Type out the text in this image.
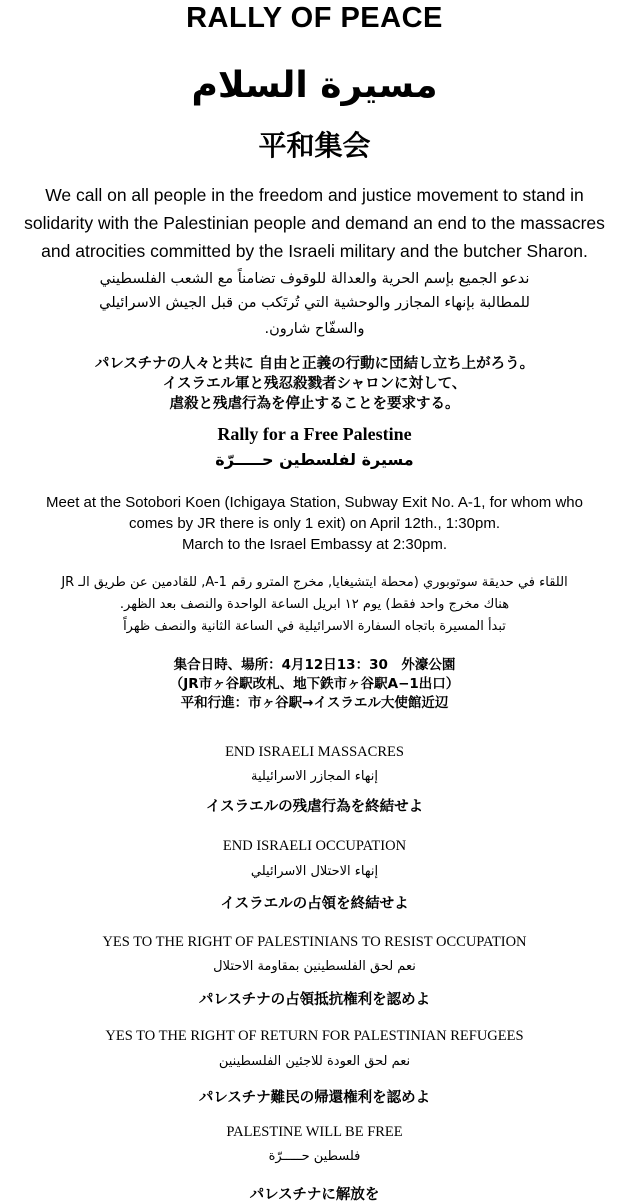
RALLY OF PEACE
مسيرة السلام
平和集会
We call on all people in the freedom and justice movement to stand in
solidarity with the Palestinian people and demand an end to the massacres
and atrocities committed by the Israeli military and the butcher Sharon.
ندعو الجميع بإسم الحرية والعدالة للوقوف تضامناً مع الشعب الفلسطيني
للمطالبة بإنهاء المجازر والوحشية التي تُرتَكب من قبل الجيش الاسرائيلي
والسفّاح شارون.
パレスチナの人々と共に 自由と正義の行動に団結し立ち上がろう。
イスラエル軍と残忍殺戮者シャロンに対して、
虐殺と残虐行為を停止することを要求する。
Rally for a Free Palestine
مسيرة لفلسطين حـــــرّة
Meet at the Sotobori Koen (Ichigaya Station, Subway Exit No. A-1, for whom who
comes by JR there is only 1 exit) on April 12th., 1:30pm.
March to the Israel Embassy at 2:30pm.
اللقاء في حديقة سوتوبوري (محطة ايتشيغايا, مخرج المترو رقم A-1, للقادمين عن طريق الـ JR
هناك مخرج واحد فقط) يوم ١٢ ابريل الساعة الواحدة والنصف بعد الظهر.
تبدأ المسيرة باتجاه السفارة الاسرائيلية في الساعة الثانية والنصف ظهراً
集合日時、場所：4月12日13：30　外濠公園
（JR市ヶ谷駅改札、地下鉄市ヶ谷駅A−1出口）
平和行進：市ヶ谷駅→イスラエル大使館近辺
END ISRAELI MASSACRES
إنهاء المجازر الاسرائيلية
イスラエルの残虐行為を終結せよ
END ISRAELI OCCUPATION
إنهاء الاحتلال الاسرائيلي
イスラエルの占領を終結せよ
YES TO THE RIGHT OF PALESTINIANS TO RESIST OCCUPATION
نعم لحق الفلسطينين بمقاومة الاحتلال
パレスチナの占領抵抗権利を認めよ
YES TO THE RIGHT OF RETURN FOR PALESTINIAN REFUGEES
نعم لحق العودة للاجئين الفلسطينين
パレスチナ難民の帰還権利を認めよ
PALESTINE WILL BE FREE
فلسطين حـــــرّة
パレスチナに解放を
